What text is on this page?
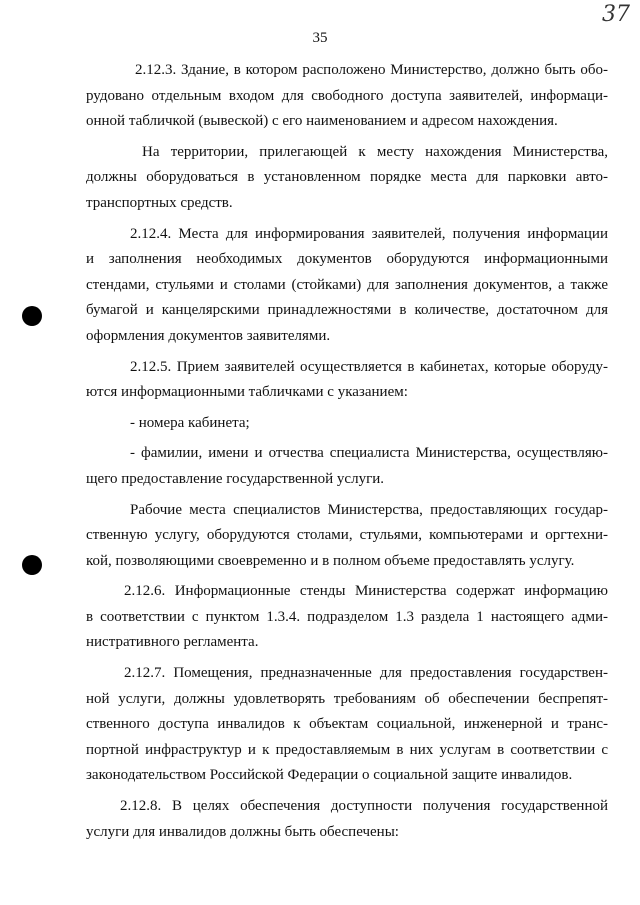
37
35
2.12.3. Здание, в котором расположено Министерство, должно быть обо-
рудовано отдельным входом для свободного доступа заявителей, информаци-
онной табличкой (вывеской) с его наименованием и адресом нахождения.
На территории, прилегающей к месту нахождения Министерства,
должны оборудоваться в установленном порядке места для парковки авто-
транспортных средств.
2.12.4. Места для информирования заявителей, получения информации
и заполнения необходимых документов оборудуются информационными
стендами, стульями и столами (стойками) для заполнения документов, а также
бумагой и канцелярскими принадлежностями в количестве, достаточном для
оформления документов заявителями.
2.12.5. Прием заявителей осуществляется в кабинетах, которые оборуду-
ются информационными табличками с указанием:
- номера кабинета;
- фамилии, имени и отчества специалиста Министерства, осуществляю-
щего предоставление государственной услуги.
Рабочие места специалистов Министерства, предоставляющих государ-
ственную услугу, оборудуются столами, стульями, компьютерами и оргтехни-
кой, позволяющими своевременно и в полном объеме предоставлять услугу.
2.12.6. Информационные стенды Министерства содержат информацию
в соответствии с пунктом 1.3.4. подразделом 1.3 раздела 1 настоящего адми-
нистративного регламента.
2.12.7. Помещения, предназначенные для предоставления государствен-
ной услуги, должны удовлетворять требованиям об обеспечении беспрепят-
ственного доступа инвалидов к объектам социальной, инженерной и транс-
портной инфраструктур и к предоставляемым в них услугам в соответствии с
законодательством Российской Федерации о социальной защите инвалидов.
2.12.8. В целях обеспечения доступности получения государственной
услуги для инвалидов должны быть обеспечены:
